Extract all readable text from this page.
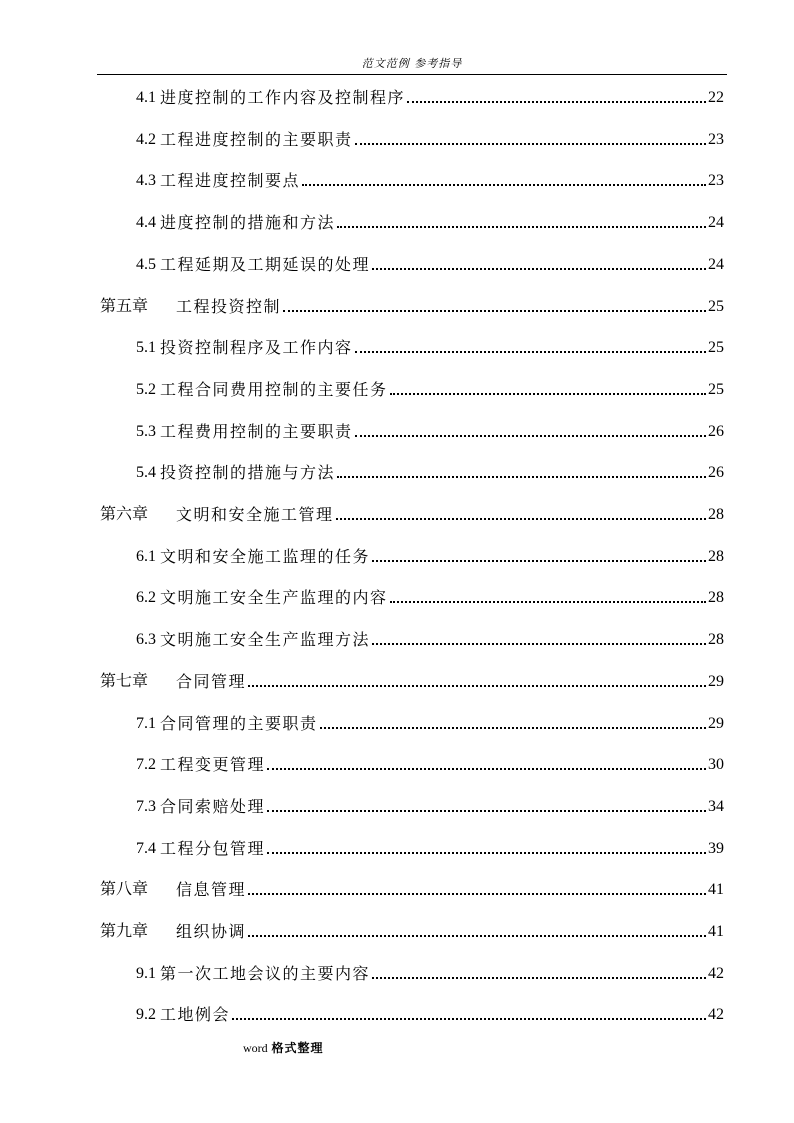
范文范例 参考指导
4.1 进度控制的工作内容及控制程序	22
4.2 工程进度控制的主要职责	23
4.3 工程进度控制要点	23
4.4 进度控制的措施和方法	24
4.5 工程延期及工期延误的处理	24
第五章	工程投资控制	25
5.1 投资控制程序及工作内容	25
5.2 工程合同费用控制的主要任务	25
5.3 工程费用控制的主要职责	26
5.4 投资控制的措施与方法	26
第六章	文明和安全施工管理	28
6.1 文明和安全施工监理的任务	28
6.2 文明施工安全生产监理的内容	28
6.3 文明施工安全生产监理方法	28
第七章	合同管理	29
7.1 合同管理的主要职责	29
7.2 工程变更管理	30
7.3 合同索赔处理	34
7.4 工程分包管理	39
第八章	信息管理	41
第九章	组织协调	41
9.1 第一次工地会议的主要内容	42
9.2 工地例会	42
word 格式整理
